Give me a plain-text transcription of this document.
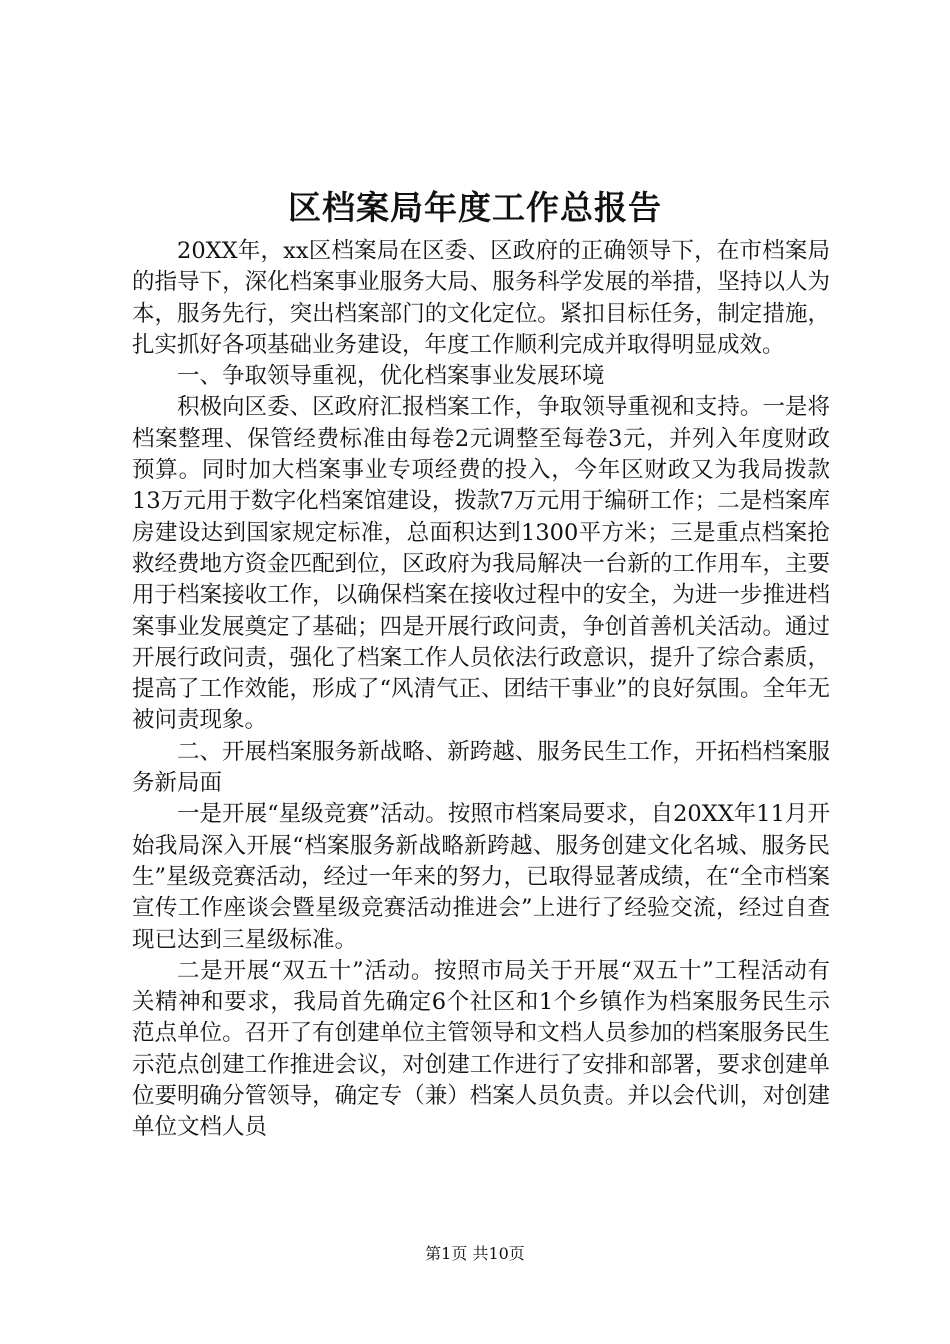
区档案局年度工作总报告

20XX年，xx区档案局在区委、区政府的正确领导下，在市档案局的指导下，深化档案事业服务大局、服务科学发展的举措，坚持以人为本，服务先行，突出档案部门的文化定位。紧扣目标任务，制定措施，扎实抓好各项基础业务建设，年度工作顺利完成并取得明显成效。

一、争取领导重视，优化档案事业发展环境

积极向区委、区政府汇报档案工作，争取领导重视和支持。一是将档案整理、保管经费标准由每卷2元调整至每卷3元，并列入年度财政预算。同时加大档案事业专项经费的投入，今年区财政又为我局拨款13万元用于数字化档案馆建设，拨款7万元用于编研工作；二是档案库房建设达到国家规定标准，总面积达到1300平方米；三是重点档案抢救经费地方资金匹配到位，区政府为我局解决一台新的工作用车，主要用于档案接收工作，以确保档案在接收过程中的安全，为进一步推进档案事业发展奠定了基础；四是开展行政问责，争创首善机关活动。通过开展行政问责，强化了档案工作人员依法行政意识，提升了综合素质，提高了工作效能，形成了“风清气正、团结干事业”的良好氛围。全年无被问责现象。

二、开展档案服务新战略、新跨越、服务民生工作，开拓档档案服务新局面

一是开展“星级竞赛”活动。按照市档案局要求，自20XX年11月开始我局深入开展“档案服务新战略新跨越、服务创建文化名城、服务民生”星级竞赛活动，经过一年来的努力，已取得显著成绩，在“全市档案宣传工作座谈会暨星级竞赛活动推进会”上进行了经验交流，经过自查现已达到三星级标准。

二是开展“双五十”活动。按照市局关于开展“双五十”工程活动有关精神和要求，我局首先确定6个社区和1个乡镇作为档案服务民生示范点单位。召开了有创建单位主管领导和文档人员参加的档案服务民生示范点创建工作推进会议，对创建工作进行了安排和部署，要求创建单位要明确分管领导，确定专（兼）档案人员负责。并以会代训，对创建单位文档人员

第1页 共10页
